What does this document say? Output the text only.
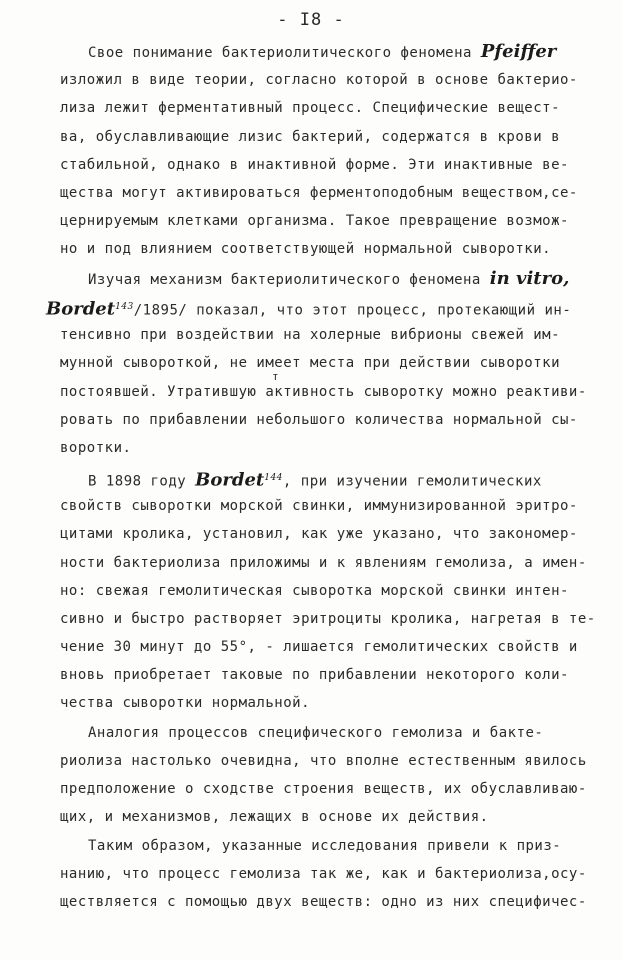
- I8 -
Свое понимание бактериолитического феномена Pfeiffer
изложил в виде теории, согласно которой в основе бактерио-
лиза лежит ферментативный процесс. Специфические вещест-
ва, обуславливающие лизис бактерий, содержатся в крови в
стабильной, однако в инактивной форме. Эти инактивные ве-
щества могут активироваться ферментоподобным веществом,се-
цернируемым клетками организма. Такое превращение возмож-
но и под влиянием соответствующей нормальной сыворотки.
Изучая механизм бактериолитического феномена in vitro,
Bordet$^{143}$/1895/ показал, что этот процесс, протекающий ин-
тенсивно при воздействии на холерные вибрионы свежей им-
мунной сывороткой, не имеет места при действии сыворотки
т
постоявшей. Утратившую активность сыворотку можно реактиви-
ровать по прибавлении небольшого количества нормальной сы-
воротки.
В 1898 году Bordet$^{144}$, при изучении гемолитических
свойств сыворотки морской свинки, иммунизированной эритро-
цитами кролика, установил, как уже указано, что закономер-
ности бактериолиза приложимы и к явлениям гемолиза, а имен-
но: свежая гемолитическая сыворотка морской свинки интен-
сивно и быстро растворяет эритроциты кролика, нагретая в те-
чение 30 минут до 55°, - лишается гемолитических свойств и
вновь приобретает таковые по прибавлении некоторого коли-
чества сыворотки нормальной.
Аналогия процессов специфического гемолиза и бакте-
риолиза настолько очевидна, что вполне естественным явилось
предположение о сходстве строения веществ, их обуславливаю-
щих, и механизмов, лежащих в основе их действия.
Таким образом, указанные исследования привели к приз-
нанию, что процесс гемолиза так же, как и бактериолиза,осу-
ществляется с помощью двух веществ: одно из них специфичес-
